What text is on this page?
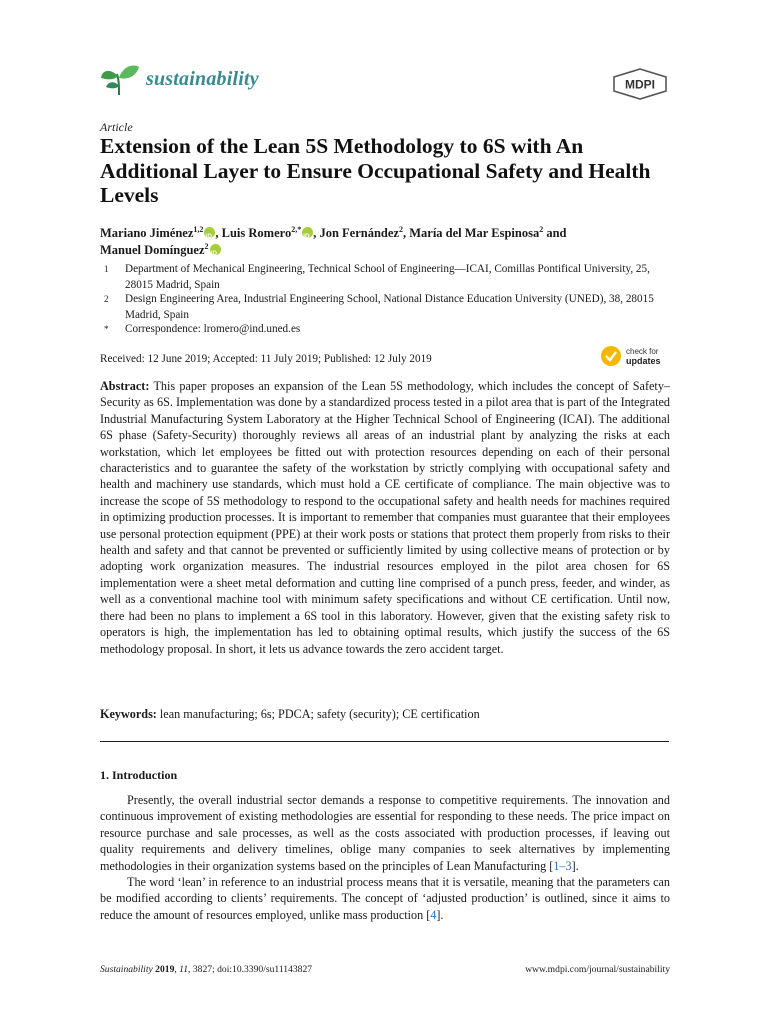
sustainability	MDPI
Article
Extension of the Lean 5S Methodology to 6S with An Additional Layer to Ensure Occupational Safety and Health Levels
Mariano Jiménez$^{1,2}$ iD , Luis Romero$^{2,*}$ iD , Jon Fernández$^2$, María del Mar Espinosa$^2$ and
Manuel Domínguez$^2$iD
1 Department of Mechanical Engineering, Technical School of Engineering—ICAI, Comillas Pontifical University, 25, 28015 Madrid, Spain
2 Design Engineering Area, Industrial Engineering School, National Distance Education University (UNED), 38, 28015 Madrid, Spain
* Correspondence: lromero@ind.uned.es
Received: 12 June 2019; Accepted: 11 July 2019; Published: 12 July 2019
check for
updates
Abstract: This paper proposes an expansion of the Lean 5S methodology, which includes the concept of Safety–Security as 6S. Implementation was done by a standardized process tested in a pilot area that is part of the Integrated Industrial Manufacturing System Laboratory at the Higher Technical School of Engineering (ICAI). The additional 6S phase (Safety-Security) thoroughly reviews all areas of an industrial plant by analyzing the risks at each workstation, which let employees be fitted out with protection resources depending on each of their personal characteristics and to guarantee the safety of the workstation by strictly complying with occupational safety and health and machinery use standards, which must hold a CE certificate of compliance. The main objective was to increase the scope of 5S methodology to respond to the occupational safety and health needs for machines required in optimizing production processes. It is important to remember that companies must guarantee that their employees use personal protection equipment (PPE) at their work posts or stations that protect them properly from risks to their health and safety and that cannot be prevented or sufficiently limited by using collective means of protection or by adopting work organization measures. The industrial resources employed in the pilot area chosen for 6S implementation were a sheet metal deformation and cutting line comprised of a punch press, feeder, and winder, as well as a conventional machine tool with minimum safety specifications and without CE certification. Until now, there had been no plans to implement a 6S tool in this laboratory. However, given that the existing safety risk to operators is high, the implementation has led to obtaining optimal results, which justify the success of the 6S methodology proposal. In short, it lets us advance towards the zero accident target.
Keywords: lean manufacturing; 6s; PDCA; safety (security); CE certification
1. Introduction

Presently, the overall industrial sector demands a response to competitive requirements. The innovation and continuous improvement of existing methodologies are essential for responding to these needs. The price impact on resource purchase and sale processes, as well as the costs associated with production processes, if leaving out quality requirements and delivery timelines, oblige many companies to seek alternatives by implementing methodologies in their organization systems based on the principles of Lean Manufacturing [1–3].

The word ‘lean’ in reference to an industrial process means that it is versatile, meaning that the parameters can be modified according to clients’ requirements. The concept of ‘adjusted production’ is outlined, since it aims to reduce the amount of resources employed, unlike mass production [4].

Sustainability 2019, 11, 3827; doi:10.3390/su11143827	www.mdpi.com/journal/sustainability
